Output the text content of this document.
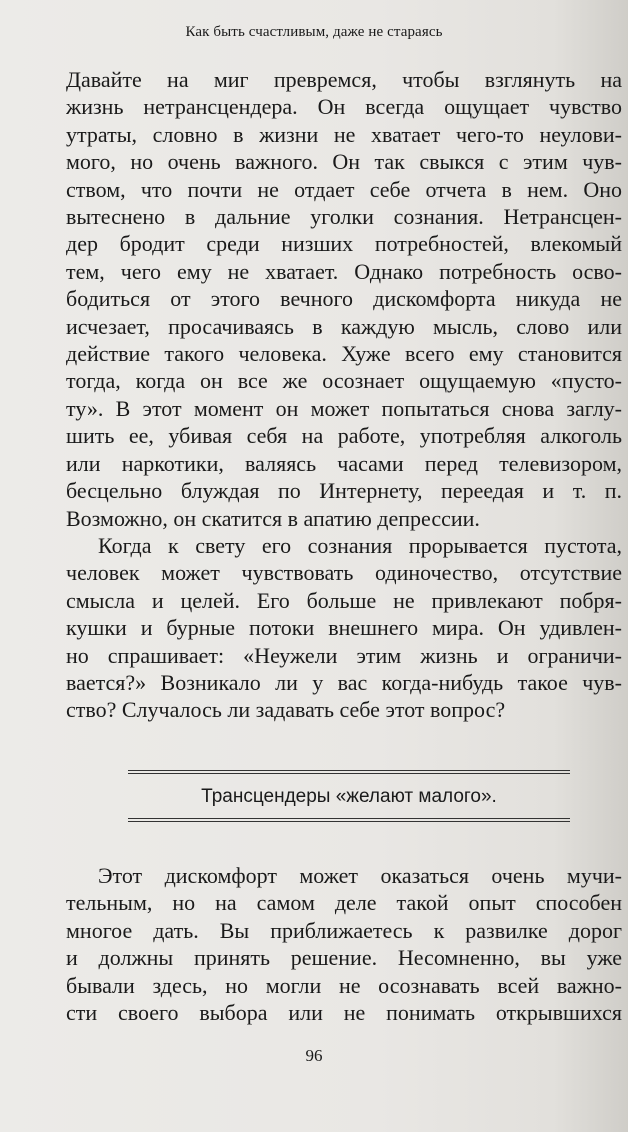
Как быть счастливым, даже не стараясь
Давайте на миг превремся, чтобы взглянуть на
жизнь нетрансцендера. Он всегда ощущает чувство
утраты, словно в жизни не хватает чего-то неулови-
мого, но очень важного. Он так свыкся с этим чув-
ством, что почти не отдает себе отчета в нем. Оно
вытеснено в дальние уголки сознания. Нетрансцен-
дер бродит среди низших потребностей, влекомый
тем, чего ему не хватает. Однако потребность осво-
бодиться от этого вечного дискомфорта никуда не
исчезает, просачиваясь в каждую мысль, слово или
действие такого человека. Хуже всего ему становится
тогда, когда он все же осознает ощущаемую «пусто-
ту». В этот момент он может попытаться снова заглу-
шить ее, убивая себя на работе, употребляя алкоголь
или наркотики, валяясь часами перед телевизором,
бесцельно блуждая по Интернету, переедая и т. п.
Возможно, он скатится в апатию депрессии.
Когда к свету его сознания прорывается пустота,
человек может чувствовать одиночество, отсутствие
смысла и целей. Его больше не привлекают побря-
кушки и бурные потоки внешнего мира. Он удивлен-
но спрашивает: «Неужели этим жизнь и ограничи-
вается?» Возникало ли у вас когда-нибудь такое чув-
ство? Случалось ли задавать себе этот вопрос?
Трансцендеры «желают малого».
Этот дискомфорт может оказаться очень мучи-
тельным, но на самом деле такой опыт способен
многое дать. Вы приближаетесь к развилке дорог
и должны принять решение. Несомненно, вы уже
бывали здесь, но могли не осознавать всей важно-
сти своего выбора или не понимать открывшихся
96
